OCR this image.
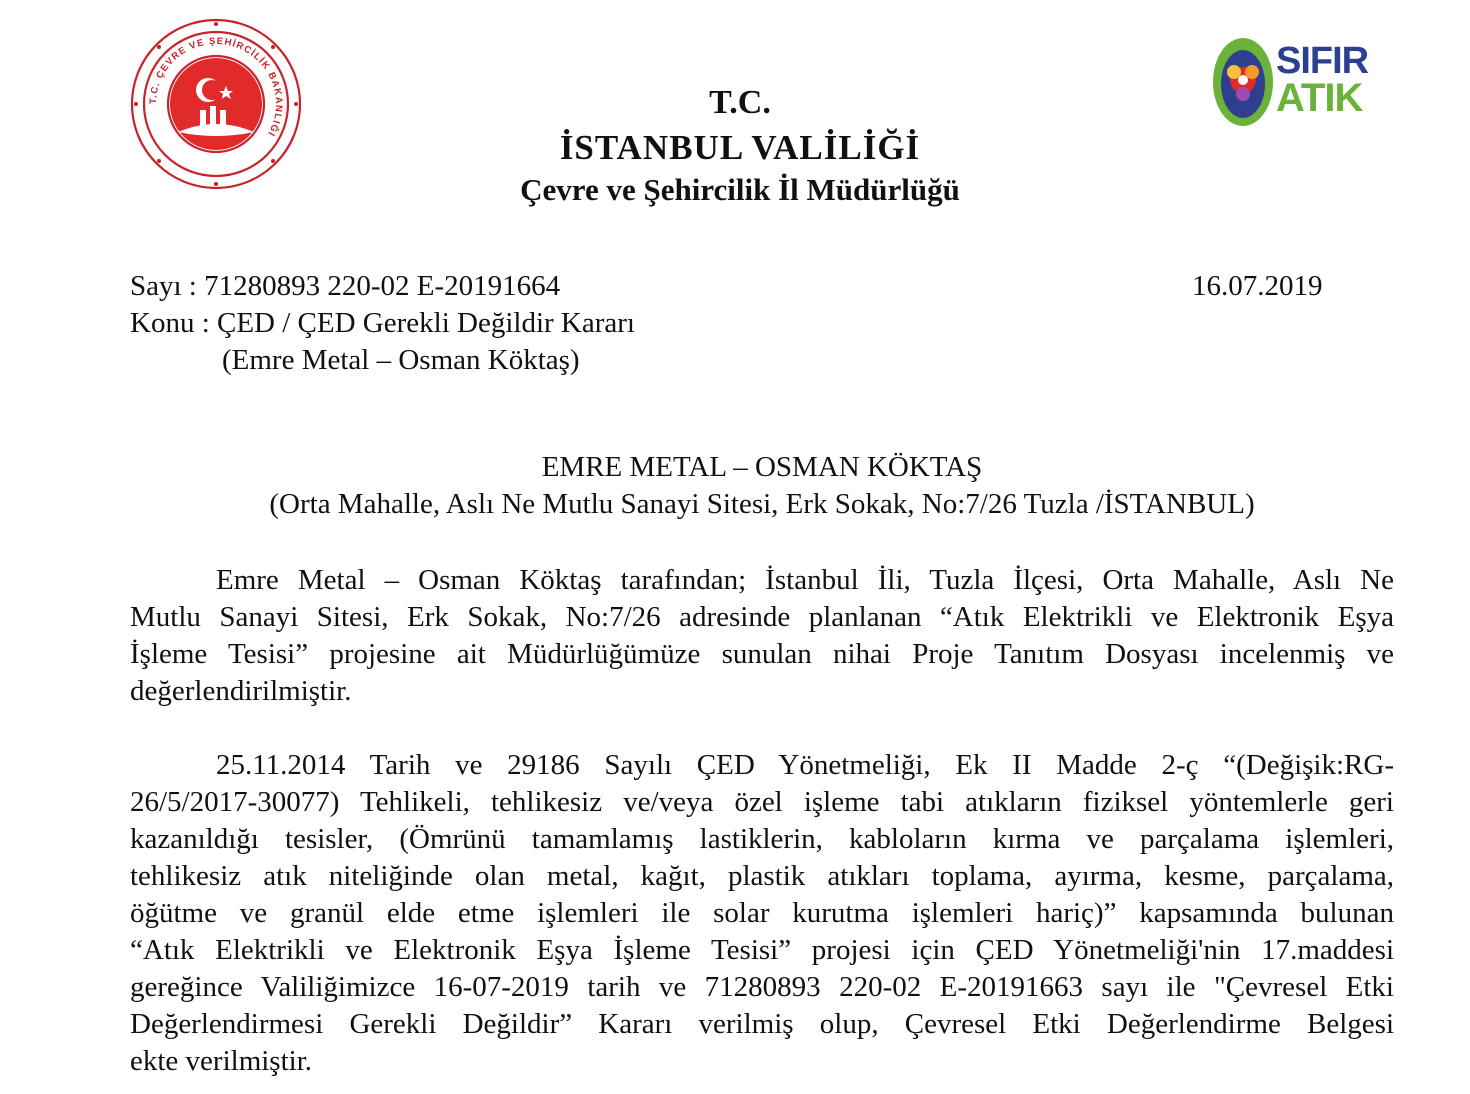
T.C. ÇEVRE VE ŞEHİRCİLİK BAKANLIĞI
SIFIR
ATIK
T.C.
İSTANBUL VALİLİĞİ
Çevre ve Şehircilik İl Müdürlüğü
Sayı : 71280893 220-02 E-20191664	16.07.2019
Konu : ÇED / ÇED Gerekli Değildir Kararı
(Emre Metal – Osman Köktaş)
EMRE METAL – OSMAN KÖKTAŞ
(Orta Mahalle, Aslı Ne Mutlu Sanayi Sitesi, Erk Sokak, No:7/26 Tuzla /İSTANBUL)
Emre Metal – Osman Köktaş tarafından; İstanbul İli, Tuzla İlçesi, Orta Mahalle, Aslı Ne
Mutlu Sanayi Sitesi, Erk Sokak, No:7/26 adresinde planlanan “Atık Elektrikli ve Elektronik Eşya
İşleme Tesisi” projesine ait Müdürlüğümüze sunulan nihai Proje Tanıtım Dosyası incelenmiş ve
değerlendirilmiştir.
25.11.2014 Tarih ve 29186 Sayılı ÇED Yönetmeliği, Ek II Madde 2-ç “(Değişik:RG-
26/5/2017-30077) Tehlikeli, tehlikesiz ve/veya özel işleme tabi atıkların fiziksel yöntemlerle geri
kazanıldığı tesisler, (Ömrünü tamamlamış lastiklerin, kabloların kırma ve parçalama işlemleri,
tehlikesiz atık niteliğinde olan metal, kağıt, plastik atıkları toplama, ayırma, kesme, parçalama,
öğütme ve granül elde etme işlemleri ile solar kurutma işlemleri hariç)” kapsamında bulunan
“Atık Elektrikli ve Elektronik Eşya İşleme Tesisi” projesi için ÇED Yönetmeliği'nin 17.maddesi
gereğince Valiliğimizce 16-07-2019 tarih ve 71280893 220-02 E-20191663 sayı ile "Çevresel Etki
Değerlendirmesi Gerekli Değildir” Kararı verilmiş olup, Çevresel Etki Değerlendirme Belgesi
ekte verilmiştir.
